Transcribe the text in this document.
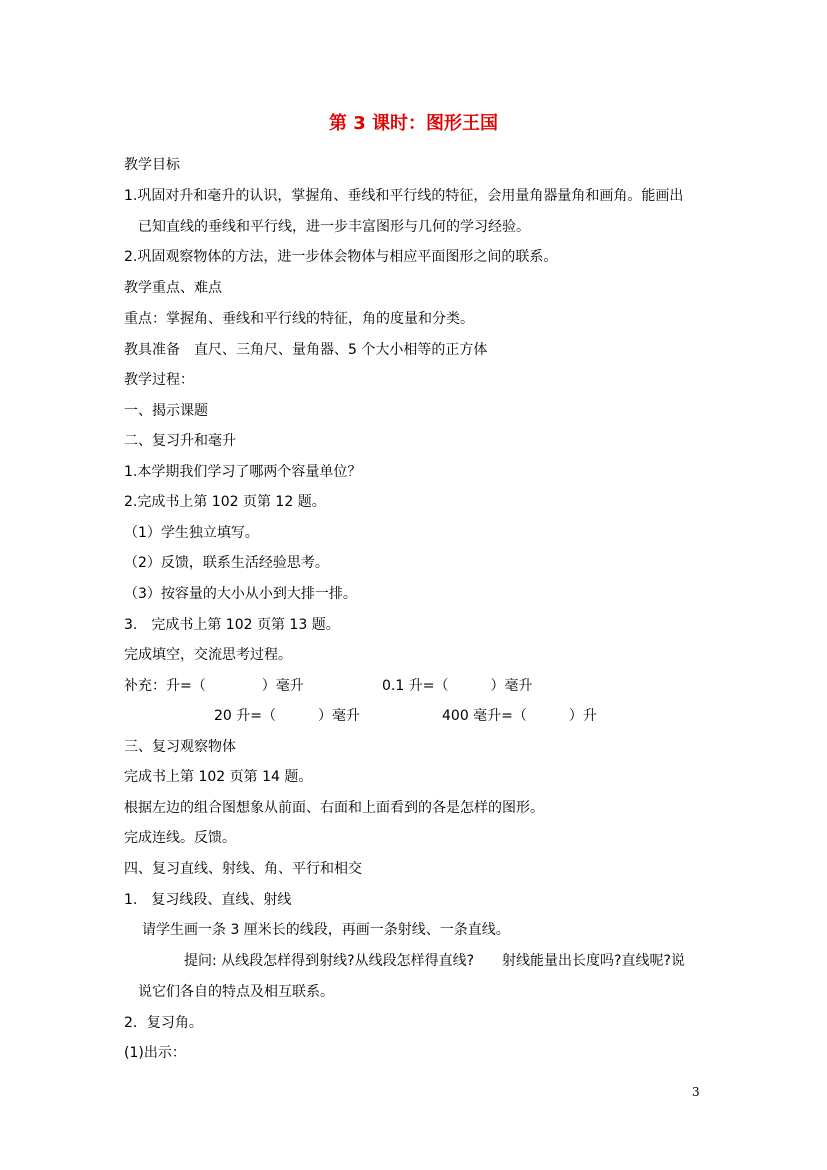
第 3 课时：图形王国
教学目标
1.巩固对升和毫升的认识，掌握角、垂线和平行线的特征，会用量角器量角和画角。能画出
已知直线的垂线和平行线，进一步丰富图形与几何的学习经验。
2.巩固观察物体的方法，进一步体会物体与相应平面图形之间的联系。
教学重点、难点
重点：掌握角、垂线和平行线的特征，角的度量和分类。
教具准备　直尺、三角尺、量角器、5 个大小相等的正方体
教学过程：
一、揭示课题
二、复习升和毫升
1.本学期我们学习了哪两个容量单位？
2.完成书上第 102 页第 12 题。
（1）学生独立填写。
（2）反馈，联系生活经验思考。
（3）按容量的大小从小到大排一排。
3.　完成书上第 102 页第 13 题。
完成填空，交流思考过程。
补充：升=（　　　　）毫升	0.1 升=（　　　）毫升
20 升=（　　　）毫升	400 毫升=（　　　）升
三、复习观察物体
完成书上第 102 页第 14 题。
根据左边的组合图想象从前面、右面和上面看到的各是怎样的图形。
完成连线。反馈。
四、复习直线、射线、角、平行和相交
1.　复习线段、直线、射线
请学生画一条 3 厘米长的线段，再画一条射线、一条直线。
提问: 从线段怎样得到射线?从线段怎样得直线?　　射线能量出长度吗?直线呢?说
说它们各自的特点及相互联系。
2．复习角。
(1)出示：
3
